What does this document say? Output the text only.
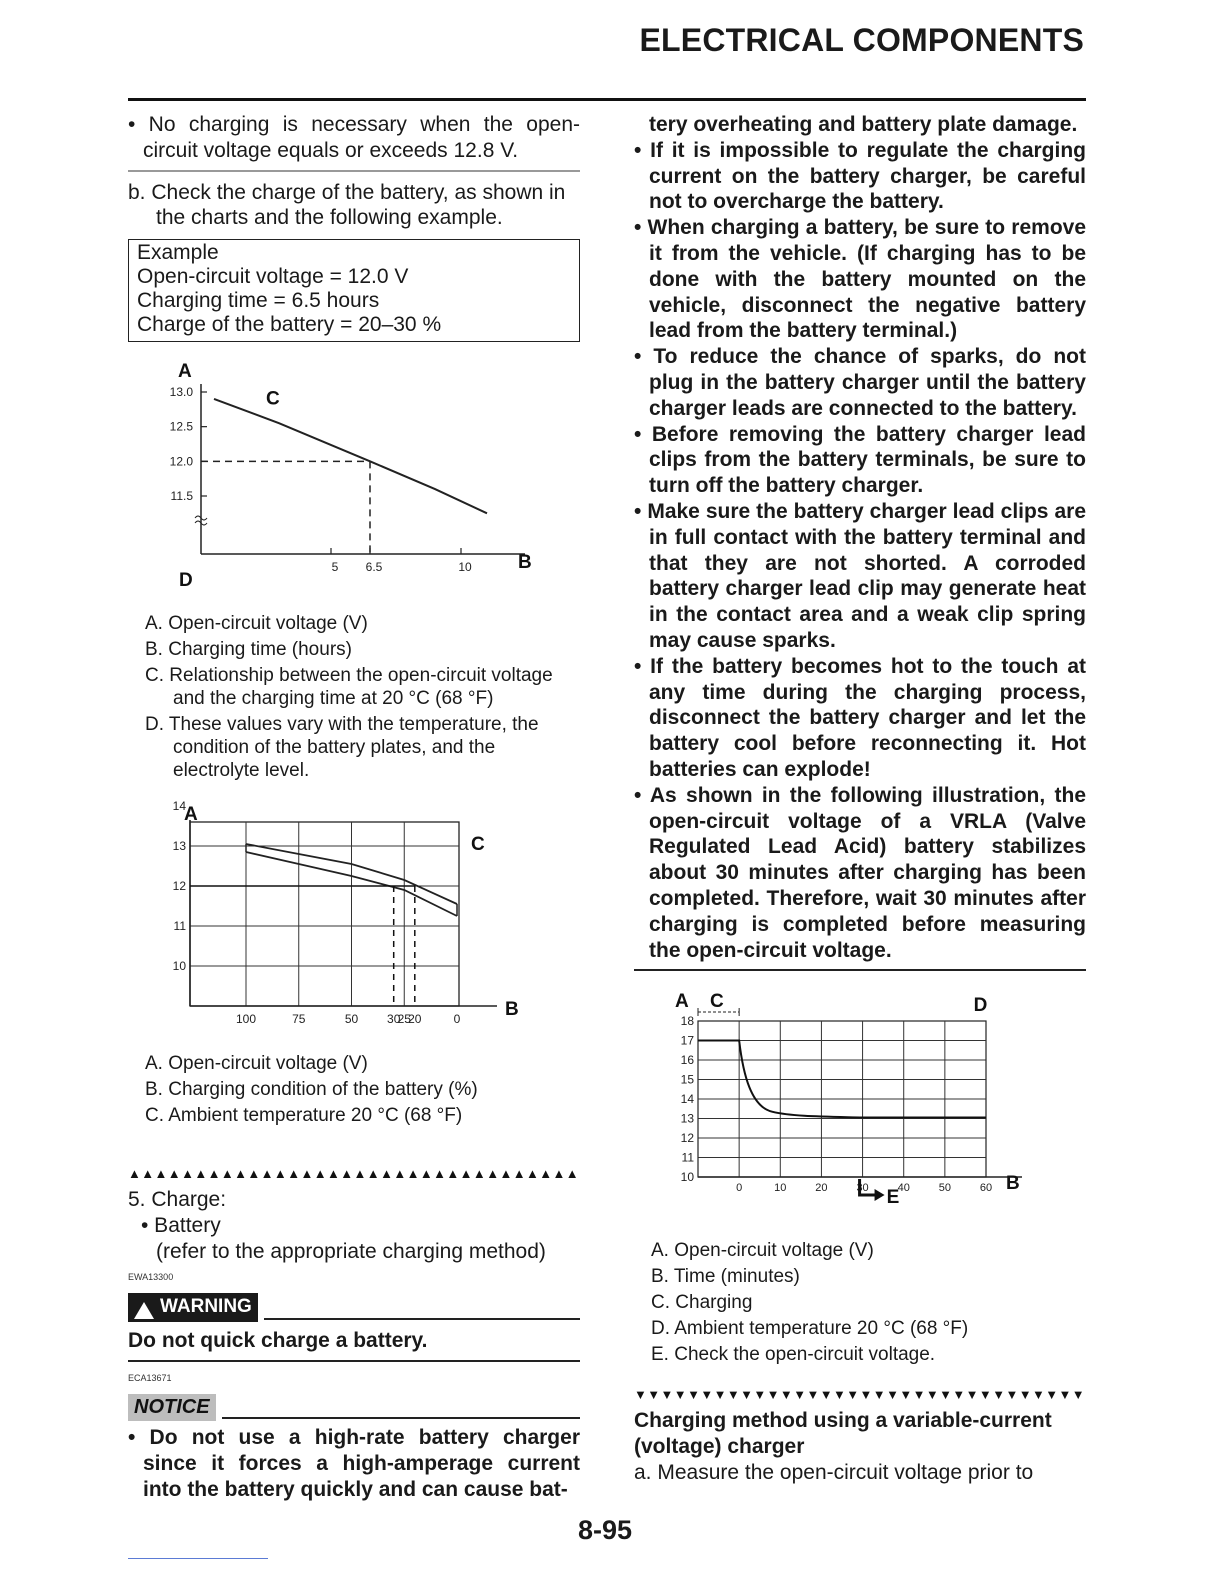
ELECTRICAL COMPONENTS
• No charging is necessary when the open-circuit voltage equals or exceeds 12.8 V.
b. Check the charge of the battery, as shown in the charts and the following example.
Example
Open-circuit voltage = 12.0 V
Charging time = 6.5 hours
Charge of the battery = 20–30 %
13.0
12.5
12.0
11.5
5 6.5	10
A
C
B
D
A. Open-circuit voltage (V)
B. Charging time (hours)
C. Relationship between the open-circuit voltage and the charging time at 20 °C (68 °F)
D. These values vary with the temperature, the condition of the battery plates, and the electrolyte level.
14
13
12
11
10
100	75	50 30
25
20	0
A
C
B
A. Open-circuit voltage (V)
B. Charging condition of the battery (%)
C. Ambient temperature 20 °C (68 °F)
▲▲▲▲▲▲▲▲▲▲▲▲▲▲▲▲▲▲▲▲▲▲▲▲▲▲▲▲▲▲▲▲▲▲
5. Charge:
• Battery
(refer to the appropriate charging method)
EWA13300
WARNING
Do not quick charge a battery.
ECA13671
NOTICE
• Do not use a high-rate battery charger since it forces a high-amperage current into the battery quickly and can cause bat-
tery overheating and battery plate damage.
• If it is impossible to regulate the charging current on the battery charger, be careful not to overcharge the battery.
• When charging a battery, be sure to remove it from the vehicle. (If charging has to be done with the battery mounted on the vehicle, disconnect the negative battery lead from the battery terminal.)
• To reduce the chance of sparks, do not plug in the battery charger until the battery charger leads are connected to the battery.
• Before removing the battery charger lead clips from the battery terminals, be sure to turn off the battery charger.
• Make sure the battery charger lead clips are in full contact with the battery terminal and that they are not shorted. A corroded battery charger lead clip may generate heat in the contact area and a weak clip spring may cause sparks.
• If the battery becomes hot to the touch at any time during the charging process, disconnect the battery charger and let the battery cool before reconnecting it. Hot batteries can explode!
• As shown in the following illustration, the open-circuit voltage of a VRLA (Valve Regulated Lead Acid) battery stabilizes about 30 minutes after charging has been completed. Therefore, wait 30 minutes after charging is completed before measuring the open-circuit voltage.
18
17
16
15
14
13
12
11
10
0	10	20	30	40	50	60
A C	D
B
E
A. Open-circuit voltage (V)
B. Time (minutes)
C. Charging
D. Ambient temperature 20 °C (68 °F)
E. Check the open-circuit voltage.
▼▼▼▼▼▼▼▼▼▼▼▼▼▼▼▼▼▼▼▼▼▼▼▼▼▼▼▼▼▼▼▼▼▼
Charging method using a variable-current (voltage) charger
a. Measure the open-circuit voltage prior to
8-95
